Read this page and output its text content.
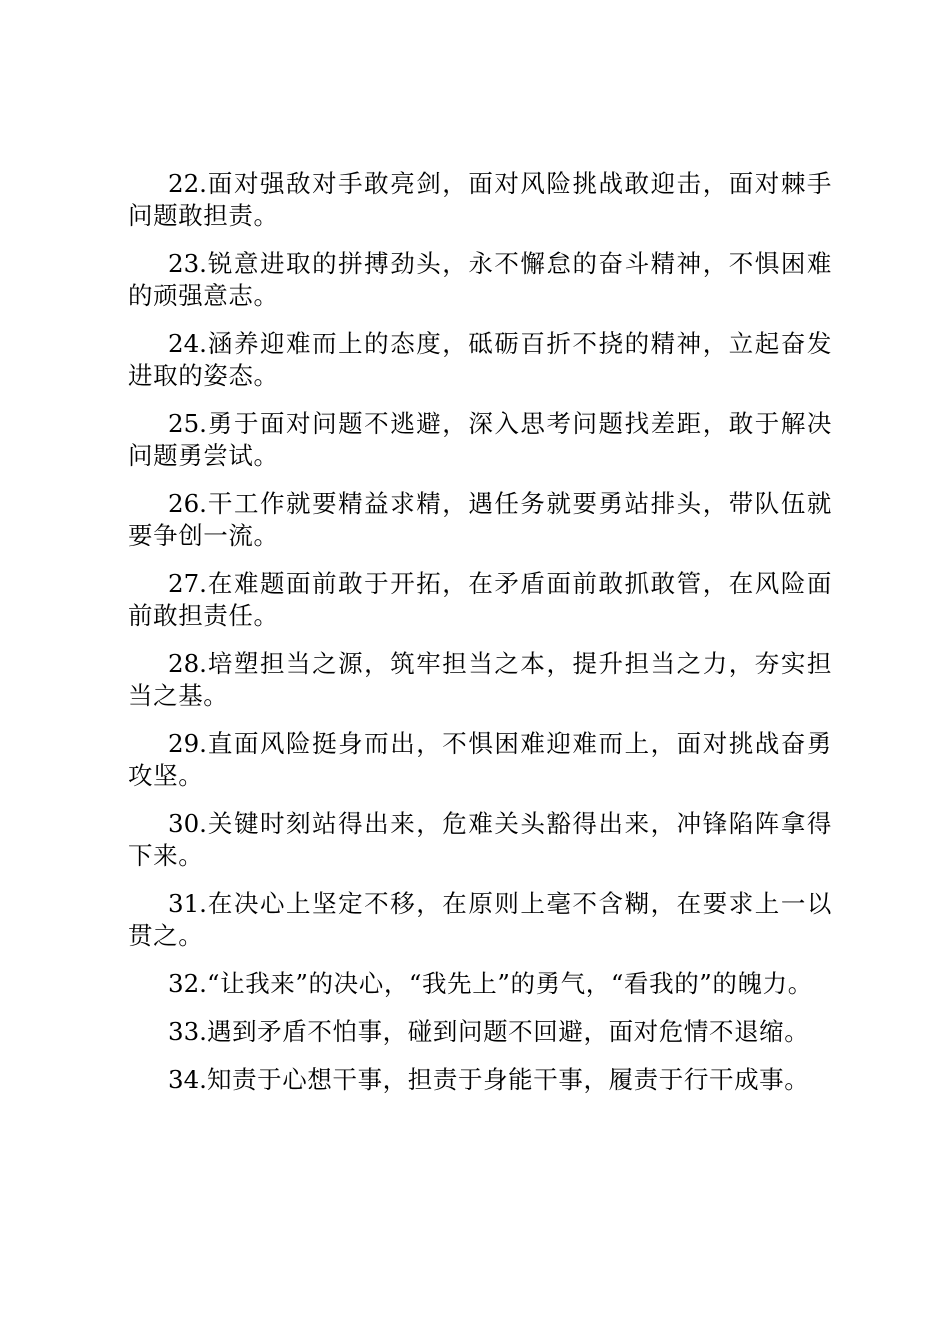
22.面对强敌对手敢亮剑，面对风险挑战敢迎击，面对棘手问题敢担责。

23.锐意进取的拼搏劲头，永不懈怠的奋斗精神，不惧困难的顽强意志。

24.涵养迎难而上的态度，砥砺百折不挠的精神，立起奋发进取的姿态。

25.勇于面对问题不逃避，深入思考问题找差距，敢于解决问题勇尝试。

26.干工作就要精益求精，遇任务就要勇站排头，带队伍就要争创一流。

27.在难题面前敢于开拓，在矛盾面前敢抓敢管，在风险面前敢担责任。

28.培塑担当之源，筑牢担当之本，提升担当之力，夯实担当之基。

29.直面风险挺身而出，不惧困难迎难而上，面对挑战奋勇攻坚。

30.关键时刻站得出来，危难关头豁得出来，冲锋陷阵拿得下来。

31.在决心上坚定不移，在原则上毫不含糊，在要求上一以贯之。

32.“让我来”的决心，“我先上”的勇气，“看我的”的魄力。

33.遇到矛盾不怕事，碰到问题不回避，面对危情不退缩。

34.知责于心想干事，担责于身能干事，履责于行干成事。
